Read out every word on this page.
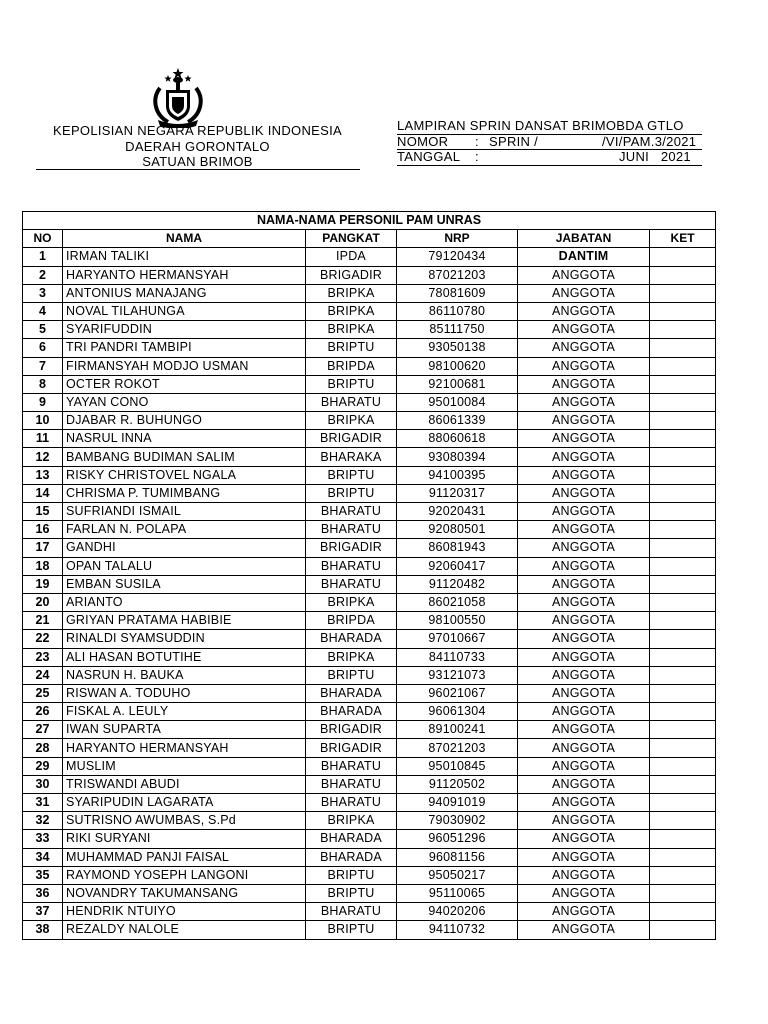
KEPOLISIAN NEGARA REPUBLIK INDONESIA
DAERAH GORONTALO
SATUAN BRIMOB
LAMPIRAN SPRIN DANSAT BRIMOBDA GTLO
NOMOR : SPRIN /	/VI/PAM.3/2021
TANGGAL :	JUNI   2021
NAMA-NAMA PERSONIL PAM UNRAS					
NO	NAMA	PANGKAT	NRP	JABATAN	KET
1	IRMAN TALIKI	IPDA	79120434	DANTIM	
2	HARYANTO HERMANSYAH	BRIGADIR	87021203	ANGGOTA	
3	ANTONIUS MANAJANG	BRIPKA	78081609	ANGGOTA	
4	NOVAL TILAHUNGA	BRIPKA	86110780	ANGGOTA	
5	SYARIFUDDIN	BRIPKA	85111750	ANGGOTA	
6	TRI PANDRI TAMBIPI	BRIPTU	93050138	ANGGOTA	
7	FIRMANSYAH MODJO USMAN	BRIPDA	98100620	ANGGOTA	
8	OCTER ROKOT	BRIPTU	92100681	ANGGOTA	
9	YAYAN CONO	BHARATU	95010084	ANGGOTA	
10	DJABAR R. BUHUNGO	BRIPKA	86061339	ANGGOTA	
11	NASRUL INNA	BRIGADIR	88060618	ANGGOTA	
12	BAMBANG BUDIMAN SALIM	BHARAKA	93080394	ANGGOTA	
13	RISKY CHRISTOVEL NGALA	BRIPTU	94100395	ANGGOTA	
14	CHRISMA P. TUMIMBANG	BRIPTU	91120317	ANGGOTA	
15	SUFRIANDI ISMAIL	BHARATU	92020431	ANGGOTA	
16	FARLAN N. POLAPA	BHARATU	92080501	ANGGOTA	
17	GANDHI	BRIGADIR	86081943	ANGGOTA	
18	OPAN TALALU	BHARATU	92060417	ANGGOTA	
19	EMBAN SUSILA	BHARATU	91120482	ANGGOTA	
20	ARIANTO	BRIPKA	86021058	ANGGOTA	
21	GRIYAN PRATAMA HABIBIE	BRIPDA	98100550	ANGGOTA	
22	RINALDI SYAMSUDDIN	BHARADA	97010667	ANGGOTA	
23	ALI HASAN BOTUTIHE	BRIPKA	84110733	ANGGOTA	
24	NASRUN H. BAUKA	BRIPTU	93121073	ANGGOTA	
25	RISWAN A. TODUHO	BHARADA	96021067	ANGGOTA	
26	FISKAL A. LEULY	BHARADA	96061304	ANGGOTA	
27	IWAN SUPARTA	BRIGADIR	89100241	ANGGOTA	
28	HARYANTO HERMANSYAH	BRIGADIR	87021203	ANGGOTA	
29	MUSLIM	BHARATU	95010845	ANGGOTA	
30	TRISWANDI ABUDI	BHARATU	91120502	ANGGOTA	
31	SYARIPUDIN LAGARATA	BHARATU	94091019	ANGGOTA	
32	SUTRISNO AWUMBAS, S.Pd	BRIPKA	79030902	ANGGOTA	
33	RIKI SURYANI	BHARADA	96051296	ANGGOTA	
34	MUHAMMAD PANJI FAISAL	BHARADA	96081156	ANGGOTA	
35	RAYMOND YOSEPH LANGONI	BRIPTU	95050217	ANGGOTA	
36	NOVANDRY TAKUMANSANG	BRIPTU	95110065	ANGGOTA	
37	HENDRIK NTUIYO	BHARATU	94020206	ANGGOTA	
38	REZALDY NALOLE	BRIPTU	94110732	ANGGOTA	
